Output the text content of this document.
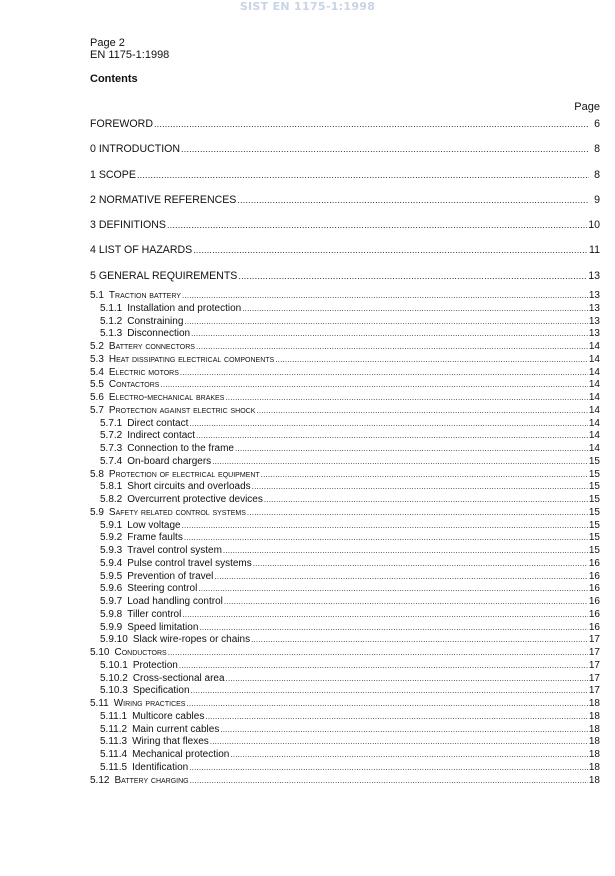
SIST EN 1175-1:1998
Page 2
EN 1175-1:1998
Contents
Page
FOREWORD .....	6
0 INTRODUCTION .....	8
1 SCOPE .....	8
2 NORMATIVE REFERENCES .....	9
3 DEFINITIONS .....	10
4 LIST OF HAZARDS .....	11
5 GENERAL REQUIREMENTS .....	13
5.1 Traction battery .....	13
5.1.1 Installation and protection .....	13
5.1.2 Constraining .....	13
5.1.3 Disconnection .....	13
5.2 Battery connectors .....	14
5.3 Heat dissipating electrical components .....	14
5.4 Electric motors .....	14
5.5 Contactors .....	14
5.6 Electro-mechanical brakes .....	14
5.7 Protection against electric shock .....	14
5.7.1 Direct contact .....	14
5.7.2 Indirect contact .....	14
5.7.3 Connection to the frame .....	14
5.7.4 On-board chargers .....	15
5.8 Protection of electrical equipment .....	15
5.8.1 Short circuits and overloads .....	15
5.8.2 Overcurrent protective devices .....	15
5.9 Safety related control systems .....	15
5.9.1 Low voltage .....	15
5.9.2 Frame faults .....	15
5.9.3 Travel control system .....	15
5.9.4 Pulse control travel systems .....	16
5.9.5 Prevention of travel .....	16
5.9.6 Steering control .....	16
5.9.7 Load handling control .....	16
5.9.8 Tiller control .....	16
5.9.9 Speed limitation .....	16
5.9.10 Slack wire-ropes or chains .....	17
5.10 Conductors .....	17
5.10.1 Protection .....	17
5.10.2 Cross-sectional area .....	17
5.10.3 Specification .....	17
5.11 Wiring practices .....	18
5.11.1 Multicore cables .....	18
5.11.2 Main current cables .....	18
5.11.3 Wiring that flexes .....	18
5.11.4 Mechanical protection .....	18
5.11.5 Identification .....	18
5.12 Battery charging .....	18
